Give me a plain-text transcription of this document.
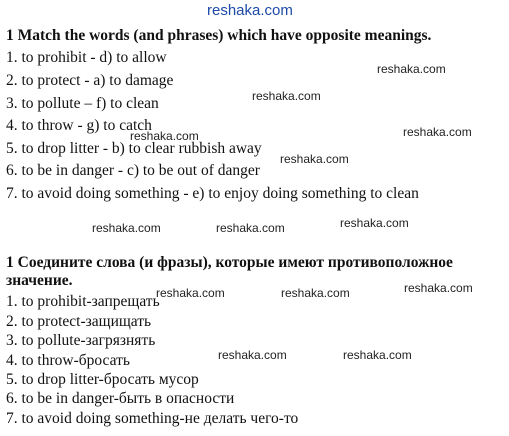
reshaka.com
1 Match the words (and phrases) which have opposite meanings.
1. to prohibit - d) to allow
2. to protect - a) to damage
3. to pollute – f) to clean
4. to throw - g) to catch
5. to drop litter - b) to clear rubbish away
6. to be in danger - c) to be out of danger
7. to avoid doing something - e) to enjoy doing something to clean
1 Соедините слова (и фразы), которые имеют противоположное значение.
1. to prohibit-запрещать
2. to protect-защищать
3. to pollute-загрязнять
4. to throw-бросать
5. to drop litter-бросать мусор
6. to be in danger-быть в опасности
7. to avoid doing something-не делать чего-то
reshaka.com
reshaka.com
reshaka.com
reshaka.com
reshaka.com
reshaka.com	reshaka.com	reshaka.com
reshaka.com	reshaka.com	reshaka.com
reshaka.com	reshaka.com
